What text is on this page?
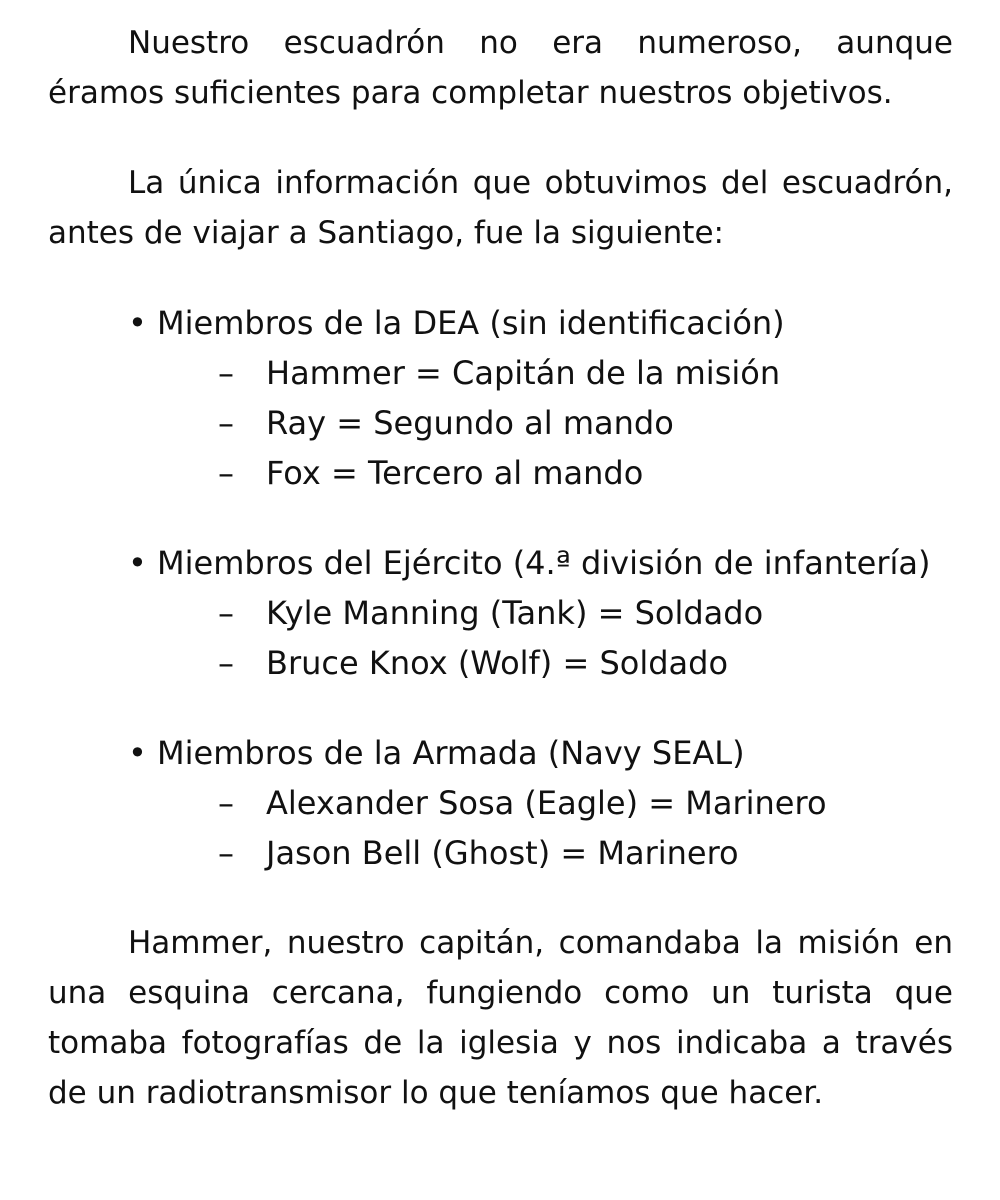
Nuestro escuadrón no era numeroso, aunque éramos suficientes para completar nuestros objetivos.

La única información que obtuvimos del escuadrón, antes de viajar a Santiago, fue la siguiente:

• Miembros de la DEA (sin identificación)

– Hammer = Capitán de la misión
– Ray = Segundo al mando
– Fox = Tercero al mando

• Miembros del Ejército (4.ª división de infantería)

– Kyle Manning (Tank) = Soldado
– Bruce Knox (Wolf) = Soldado

• Miembros de la Armada (Navy SEAL)

– Alexander Sosa (Eagle) = Marinero
– Jason Bell (Ghost) = Marinero

Hammer, nuestro capitán, comandaba la misión en una esquina cercana, fungiendo como un turista que tomaba fotografías de la iglesia y nos indicaba a través de un radiotransmisor lo que teníamos que hacer.
